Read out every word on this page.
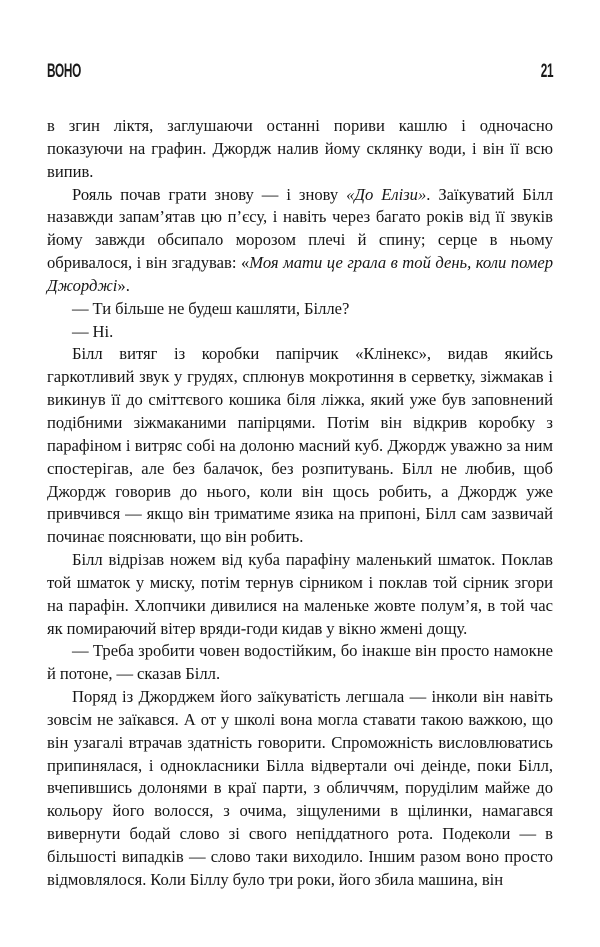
ВОНО	21

в згин ліктя, заглушаючи останні пориви кашлю і одночасно показуючи на графин. Джордж налив йому склянку води, і він її всю випив.

Рояль почав грати знову — і знову «До Елізи». Заїкуватий Білл назавжди запам’ятав цю п’єсу, і навіть через багато років від її звуків йому завжди обсипало морозом плечі й спину; серце в ньому обривалося, і він згадував: «Моя мати це грала в той день, коли помер Джорджі».

— Ти більше не будеш кашляти, Білле?

— Ні.

Білл витяг із коробки папірчик «Клінекс», видав якийсь гаркотливий звук у грудях, сплюнув мокротиння в серветку, зіжмакав і викинув її до сміттєвого кошика біля ліжка, який уже був заповнений подібними зіжмаканими папірцями. Потім він відкрив коробку з парафіном і витряс собі на долоню масний куб. Джордж уважно за ним спостерігав, але без балачок, без розпитувань. Білл не любив, щоб Джордж говорив до нього, коли він щось робить, а Джордж уже привчився — якщо він триматиме язика на припоні, Білл сам зазвичай починає пояснювати, що він робить.

Білл відрізав ножем від куба парафіну маленький шматок. Поклав той шматок у миску, потім тернув сірником і поклав той сірник згори на парафін. Хлопчики дивилися на маленьке жовте полум’я, в той час як помираючий вітер вряди-годи кидав у вікно жмені дощу.

— Треба зробити човен водостійким, бо інакше він просто намокне й потоне, — сказав Білл.

Поряд із Джорджем його заїкуватість легшала — інколи він навіть зовсім не заїкався. А от у школі вона могла ставати такою важкою, що він узагалі втрачав здатність говорити. Спроможність висловлюватись припинялася, і однокласники Білла відвертали очі деінде, поки Білл, вчепившись долонями в краї парти, з обличчям, поруділим майже до кольору його волосся, з очима, зіщуленими в щілинки, намагався вивернути бодай слово зі свого непіддатного рота. Подеколи — в більшості випадків — слово таки виходило. Іншим разом воно просто відмовлялося. Коли Біллу було три роки, його збила машина, він
